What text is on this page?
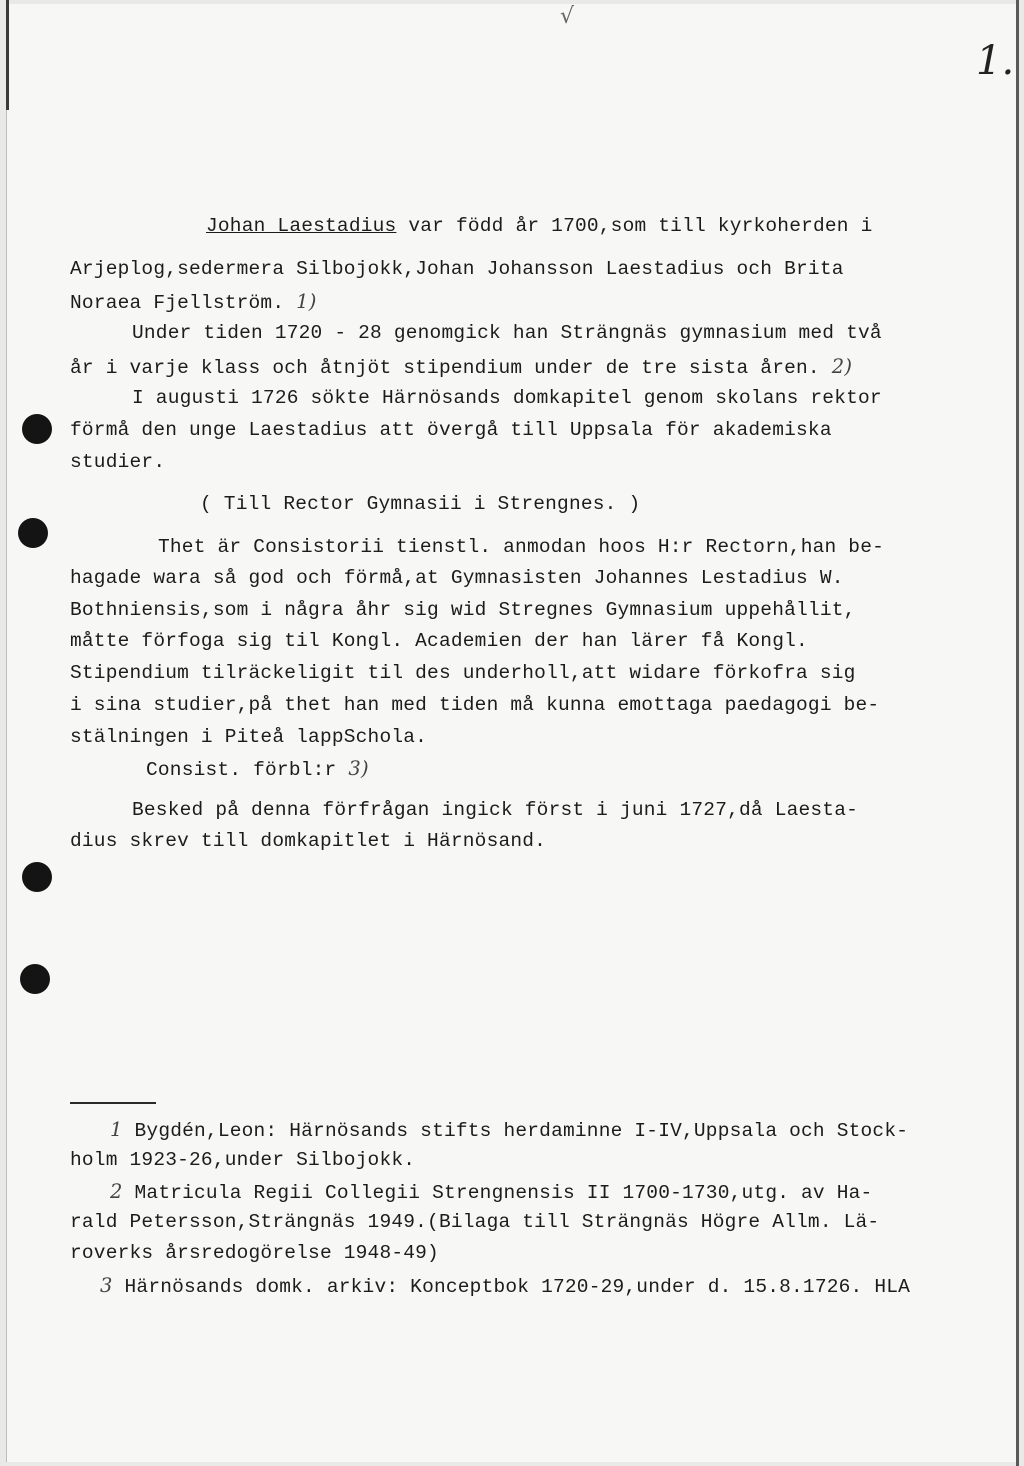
√
1.
Johan Laestadius var född år 1700,som till kyrkoherden i
Arjeplog,sedermera Silbojokk,Johan Johansson Laestadius och Brita
Noraea Fjellström. 1)
Under tiden 1720 - 28 genomgick han Strängnäs gymnasium med två
år i varje klass och åtnjöt stipendium under de tre sista åren. 2)
I augusti 1726 sökte Härnösands domkapitel genom skolans rektor
förmå den unge Laestadius att övergå till Uppsala för akademiska
studier.
( Till Rector Gymnasii i Strengnes. )
Thet är Consistorii tienstl. anmodan hoos H:r Rectorn,han be-
hagade wara så god och förmå,at Gymnasisten Johannes Lestadius W.
Bothniensis,som i några åhr sig wid Stregnes Gymnasium uppehållit,
måtte förfoga sig til Kongl. Academien der han lärer få Kongl.
Stipendium tilräckeligit til des underholl,att widare förkofra sig
i sina studier,på thet han med tiden må kunna emottaga paedagogi be-
stälningen i Piteå lappSchola.
Consist. förbl:r 3)
Besked på denna förfrågan ingick först i juni 1727,då Laesta-
dius skrev till domkapitlet i Härnösand.
1 Bygdén,Leon: Härnösands stifts herdaminne I-IV,Uppsala och Stock-
holm 1923-26,under Silbojokk.
2 Matricula Regii Collegii Strengnensis II 1700-1730,utg. av Ha-
rald Petersson,Strängnäs 1949.(Bilaga till Strängnäs Högre Allm. Lä-
roverks årsredogörelse 1948-49)
3 Härnösands domk. arkiv: Konceptbok 1720-29,under d. 15.8.1726. HLA
